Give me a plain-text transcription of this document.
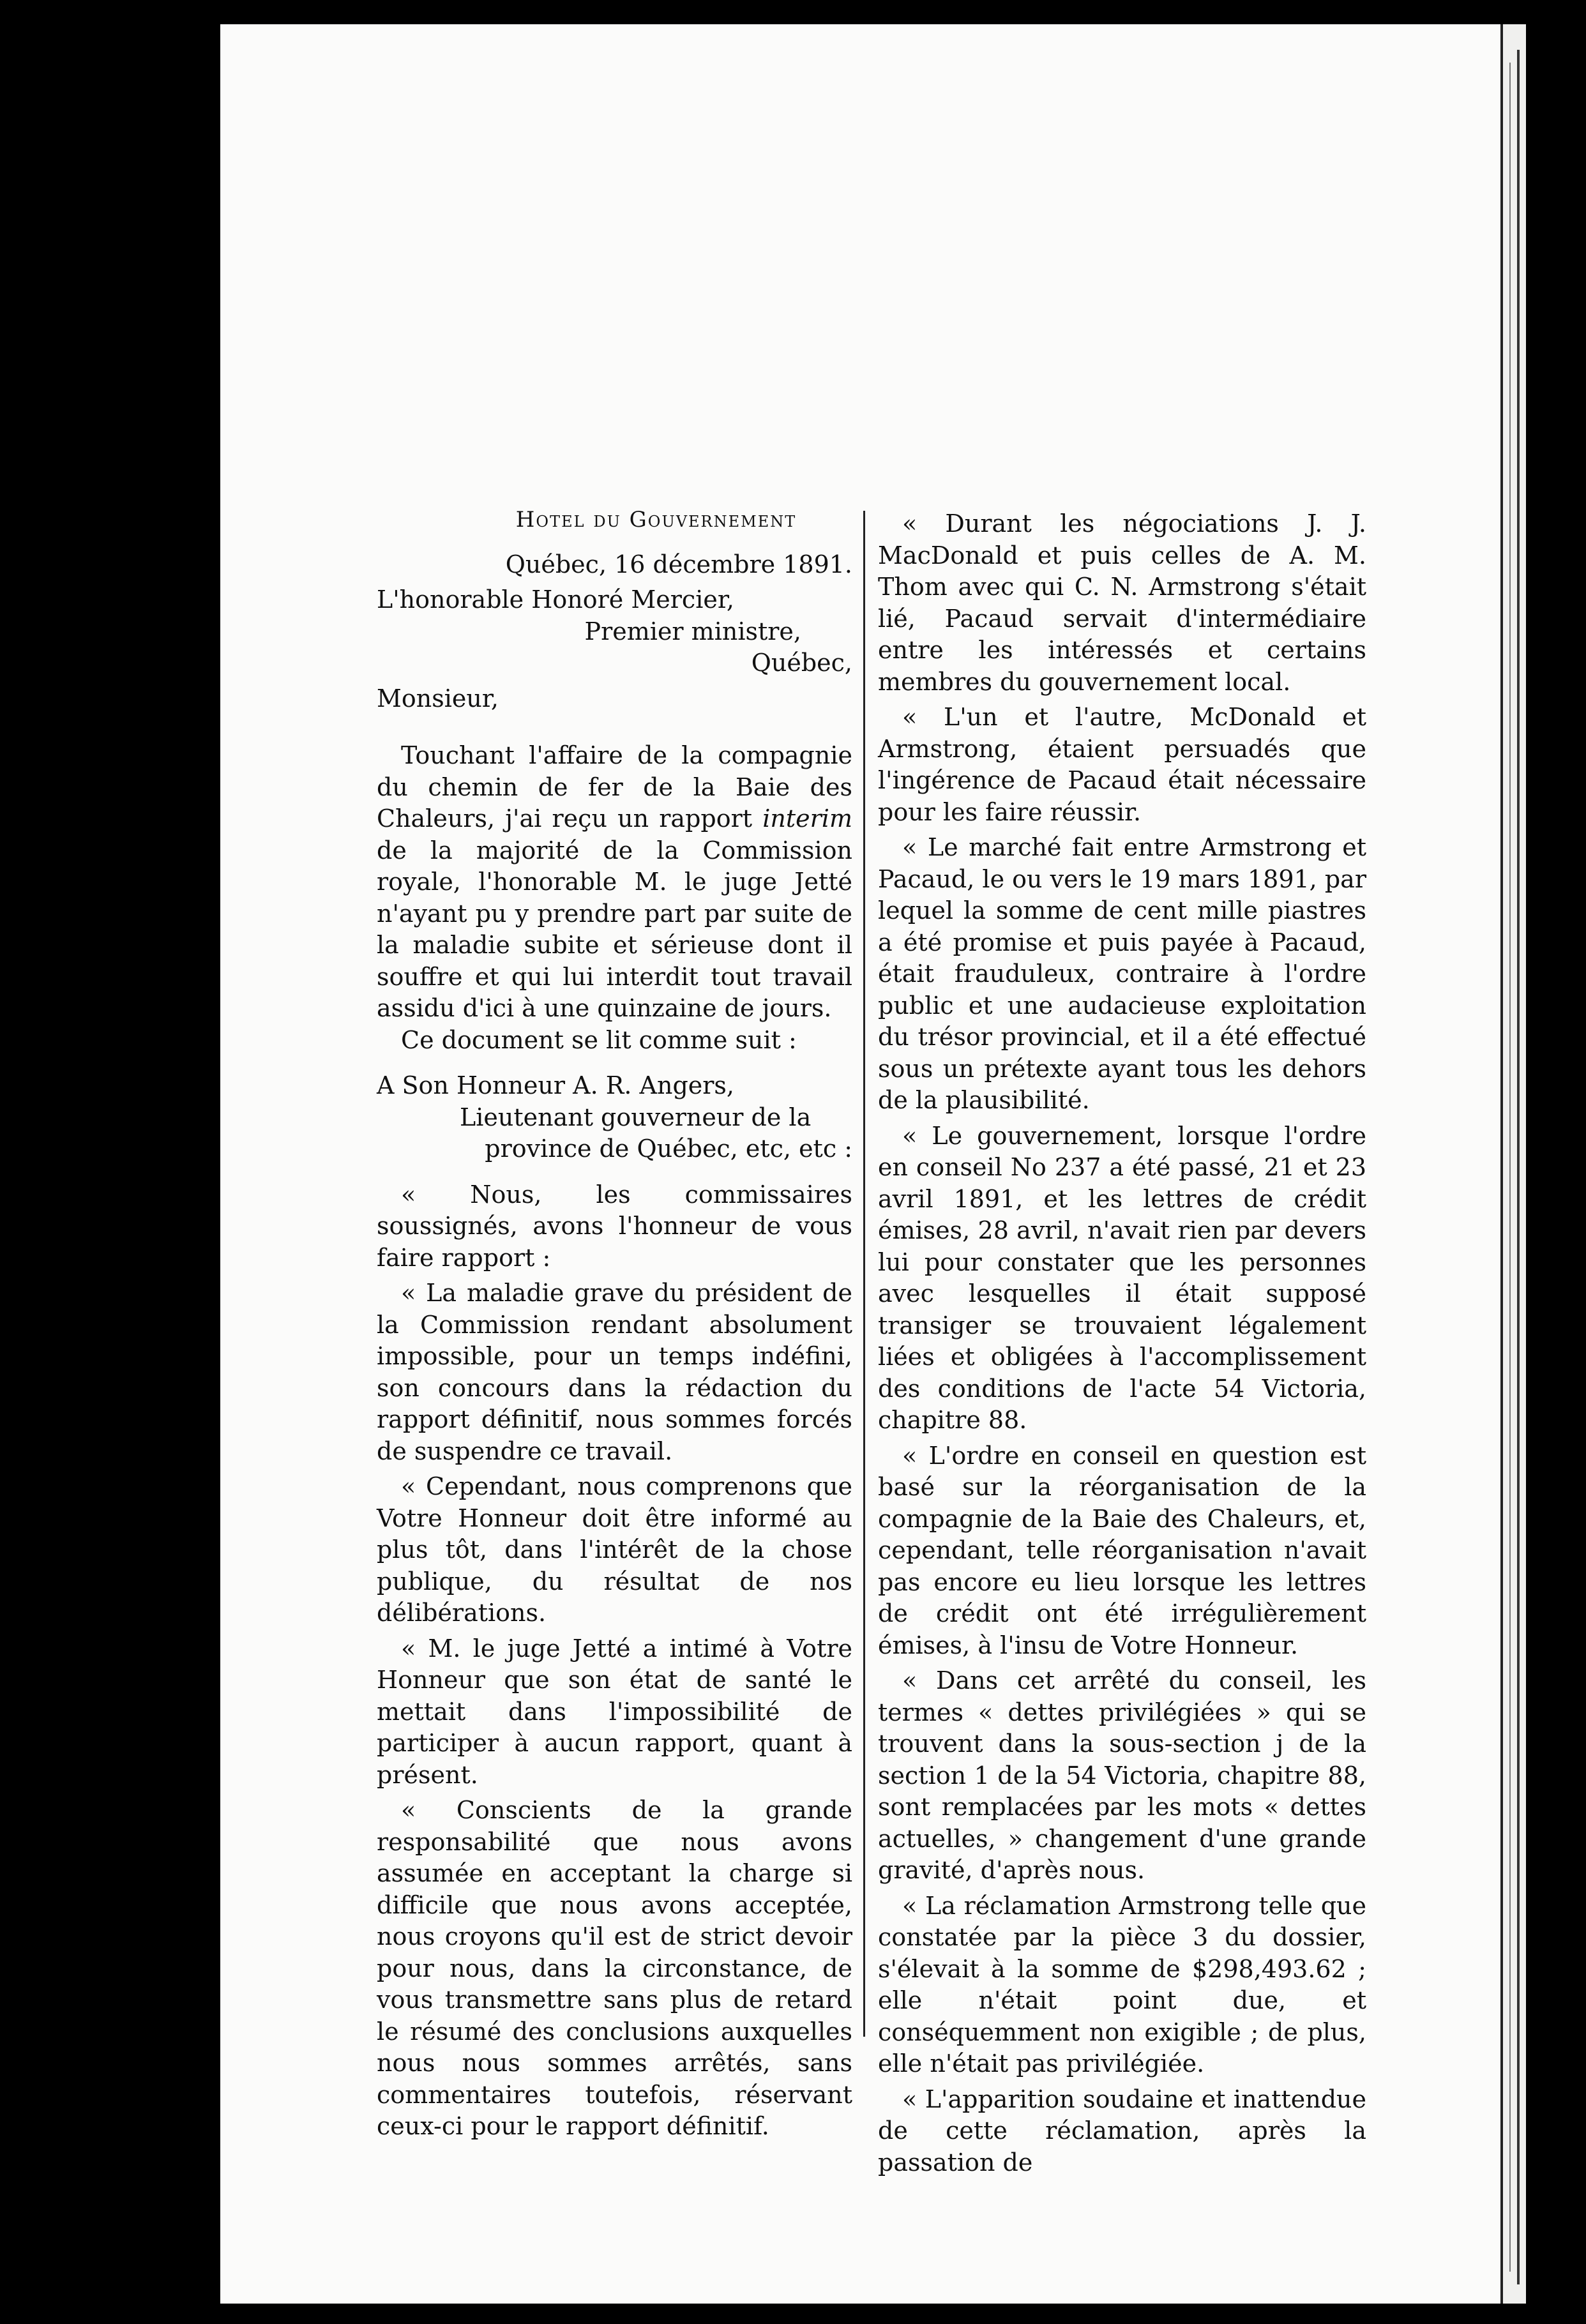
Hotel du Gouvernement
Québec, 16 décembre 1891.
L'honorable Honoré Mercier,
Premier ministre,
Québec,
Monsieur,

Touchant l'affaire de la compagnie du chemin de fer de la Baie des Chaleurs, j'ai reçu un rapport interim de la majorité de la Commission royale, l'honorable M. le juge Jetté n'ayant pu y prendre part par suite de la maladie subite et sérieuse dont il souffre et qui lui interdit tout travail assidu d'ici à une quinzaine de jours.

Ce document se lit comme suit :

A Son Honneur A. R. Angers,

Lieutenant gouverneur de la

province de Québec, etc, etc :

« Nous, les commissaires soussignés, avons l'honneur de vous faire rapport :

« La maladie grave du président de la Commission rendant absolument impossible, pour un temps indéfini, son concours dans la rédaction du rapport définitif, nous sommes forcés de suspendre ce travail.

« Cependant, nous comprenons que Votre Honneur doit être informé au plus tôt, dans l'intérêt de la chose publique, du résultat de nos délibérations.

« M. le juge Jetté a intimé à Votre Honneur que son état de santé le mettait dans l'impossibilité de participer à aucun rapport, quant à présent.

« Conscients de la grande responsabilité que nous avons assumée en acceptant la charge si difficile que nous avons acceptée, nous croyons qu'il est de strict devoir pour nous, dans la circonstance, de vous transmettre sans plus de retard le résumé des conclusions auxquelles nous nous sommes arrêtés, sans commentaires toutefois, réservant ceux-ci pour le rapport définitif.

« Durant les négociations J. J. MacDonald et puis celles de A. M. Thom avec qui C. N. Armstrong s'était lié, Pacaud servait d'intermédiaire entre les intéressés et certains membres du gouvernement local.

« L'un et l'autre, McDonald et Armstrong, étaient persuadés que l'ingérence de Pacaud était nécessaire pour les faire réussir.

« Le marché fait entre Armstrong et Pacaud, le ou vers le 19 mars 1891, par lequel la somme de cent mille piastres a été promise et puis payée à Pacaud, était frauduleux, contraire à l'ordre public et une audacieuse exploitation du trésor provincial, et il a été effectué sous un prétexte ayant tous les dehors de la plausibilité.

« Le gouvernement, lorsque l'ordre en conseil No 237 a été passé, 21 et 23 avril 1891, et les lettres de crédit émises, 28 avril, n'avait rien par devers lui pour constater que les personnes avec lesquelles il était supposé transiger se trouvaient légalement liées et obligées à l'accomplissement des conditions de l'acte 54 Victoria, chapitre 88.

« L'ordre en conseil en question est basé sur la réorganisation de la compagnie de la Baie des Chaleurs, et, cependant, telle réorganisation n'avait pas encore eu lieu lorsque les lettres de crédit ont été irrégulièrement émises, à l'insu de Votre Honneur.

« Dans cet arrêté du conseil, les termes « dettes privilégiées » qui se trouvent dans la sous-section j de la section 1 de la 54 Victoria, chapitre 88, sont remplacées par les mots « dettes actuelles, » changement d'une grande gravité, d'après nous.

« La réclamation Armstrong telle que constatée par la pièce 3 du dossier, s'élevait à la somme de $298,493.62 ; elle n'était point due, et conséquemment non exigible ; de plus, elle n'était pas privilégiée.

« L'apparition soudaine et inattendue de cette réclamation, après la passation de
